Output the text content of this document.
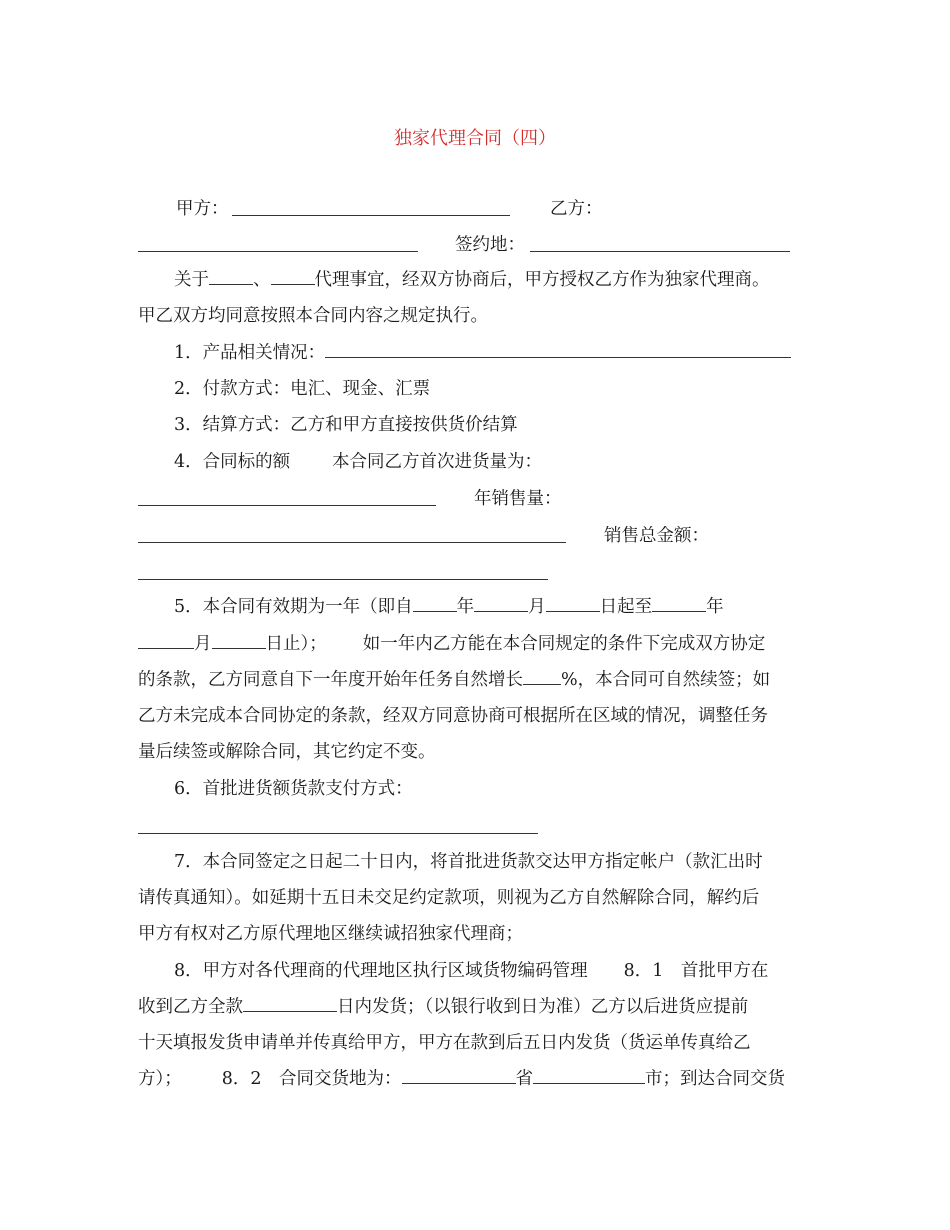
独家代理合同（四）
甲方：	乙方：
签约地：
关于	、	代理事宜，经双方协商后，甲方授权乙方作为独家代理商。
甲乙双方均同意按照本合同内容之规定执行。
1．产品相关情况：
2．付款方式：电汇、现金、汇票
3．结算方式：乙方和甲方直接按供货价结算
4．合同标的额 本合同乙方首次进货量为：
年销售量：
销售总金额：
5．本合同有效期为一年（即自	年	月	日起至	年
月	日止）； 如一年内乙方能在本合同规定的条件下完成双方协定
的条款，乙方同意自下一年度开始年任务自然增长 %，本合同可自然续签；如
乙方未完成本合同协定的条款，经双方同意协商可根据所在区域的情况，调整任务
量后续签或解除合同，其它约定不变。
6．首批进货额货款支付方式：
7．本合同签定之日起二十日内，将首批进货款交达甲方指定帐户（款汇出时
请传真通知）。如延期十五日未交足约定款项，则视为乙方自然解除合同，解约后
甲方有权对乙方原代理地区继续诚招独家代理商；
8．甲方对各代理商的代理地区执行区域货物编码管理 8．1　首批甲方在
收到乙方全款	日内发货；（以银行收到日为准）乙方以后进货应提前
十天填报发货申请单并传真给甲方，甲方在款到后五日内发货（货运单传真给乙
方）； 8．2　合同交货地为：	省	市；到达合同交货
